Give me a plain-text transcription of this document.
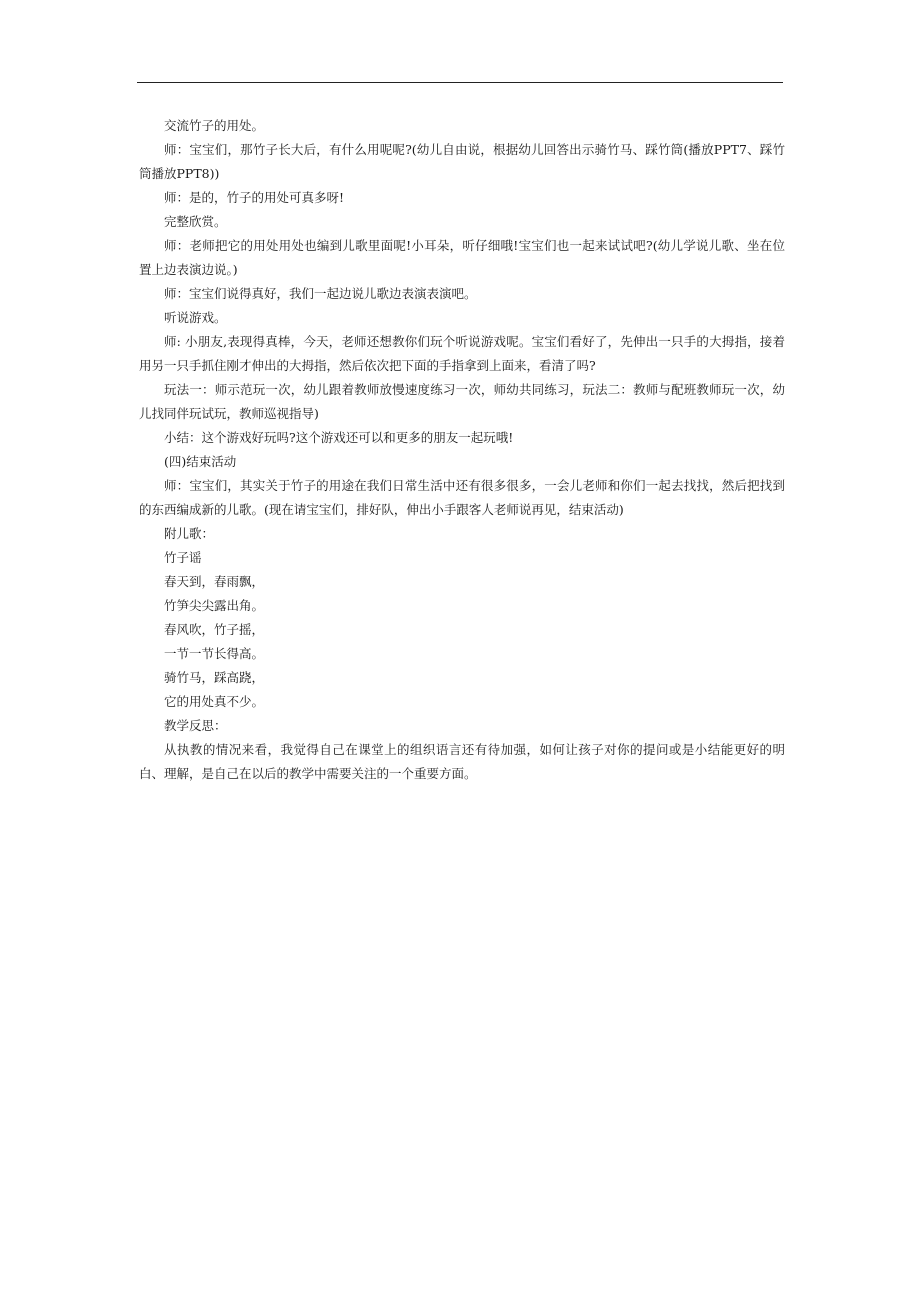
交流竹子的用处。

师：宝宝们，那竹子长大后，有什么用呢呢?(幼儿自由说，根据幼儿回答出示骑竹马、踩竹筒(播放PPT7、踩竹筒播放PPT8))

师：是的，竹子的用处可真多呀!

完整欣赏。

师：老师把它的用处用处也编到儿歌里面呢!小耳朵，听仔细哦!宝宝们也一起来试试吧?(幼儿学说儿歌、坐在位置上边表演边说。)

师：宝宝们说得真好，我们一起边说儿歌边表演表演吧。

听说游戏。

师: 小朋友,表现得真棒，今天，老师还想教你们玩个听说游戏呢。宝宝们看好了，先伸出一只手的大拇指，接着用另一只手抓住刚才伸出的大拇指，然后依次把下面的手指拿到上面来，看清了吗?

玩法一：师示范玩一次，幼儿跟着教师放慢速度练习一次，师幼共同练习，玩法二：教师与配班教师玩一次，幼儿找同伴玩试玩，教师巡视指导)

小结：这个游戏好玩吗?这个游戏还可以和更多的朋友一起玩哦!

(四)结束活动

师：宝宝们，其实关于竹子的用途在我们日常生活中还有很多很多，一会儿老师和你们一起去找找，然后把找到的东西编成新的儿歌。(现在请宝宝们，排好队，伸出小手跟客人老师说再见，结束活动)

附儿歌：

竹子谣

春天到，春雨飘，

竹笋尖尖露出角。

春风吹，竹子摇，

一节一节长得高。

骑竹马，踩高跷，

它的用处真不少。

教学反思：

从执教的情况来看，我觉得自己在课堂上的组织语言还有待加强，如何让孩子对你的提问或是小结能更好的明白、理解，是自己在以后的教学中需要关注的一个重要方面。
